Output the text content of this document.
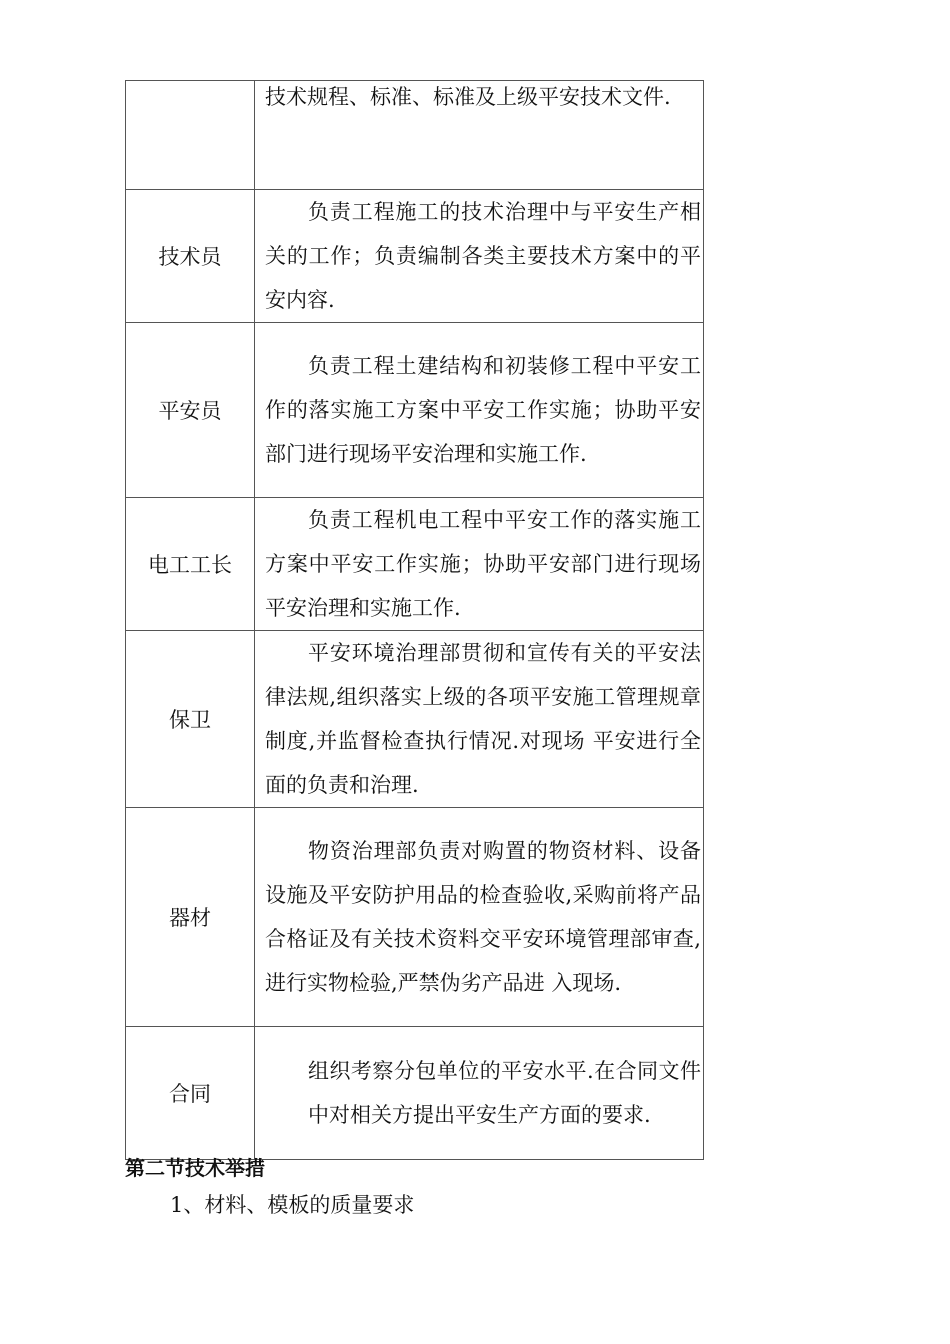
	技术规程、标准、标准及上级平安技术文件.

技术员	负责工程施工的技术治理中与平安生产相关的工作；负责编制各类主要技术方案中的平安内容.

平安员	负责工程土建结构和初装修工程中平安工作的落实施工方案中平安工作实施；协助平安部门进行现场平安治理和实施工作.

电工工长	负责工程机电工程中平安工作的落实施工方案中平安工作实施；协助平安部门进行现场平安治理和实施工作.

保卫	平安环境治理部贯彻和宣传有关的平安法律法规,组织落实上级的各项平安施工管理规章制度,并监督检查执行情况.对现场 平安进行全面的负责和治理.

器材	物资治理部负责对购置的物资材料、设备设施及平安防护用品的检查验收,采购前将产品合格证及有关技术资料交平安环境管理部审查,进行实物检验,严禁伪劣产品进 入现场.

合同	组织考察分包单位的平安水平.在合同文件中对相关方提出平安生产方面的要求.
第二节技术举措
1、材料、模板的质量要求
